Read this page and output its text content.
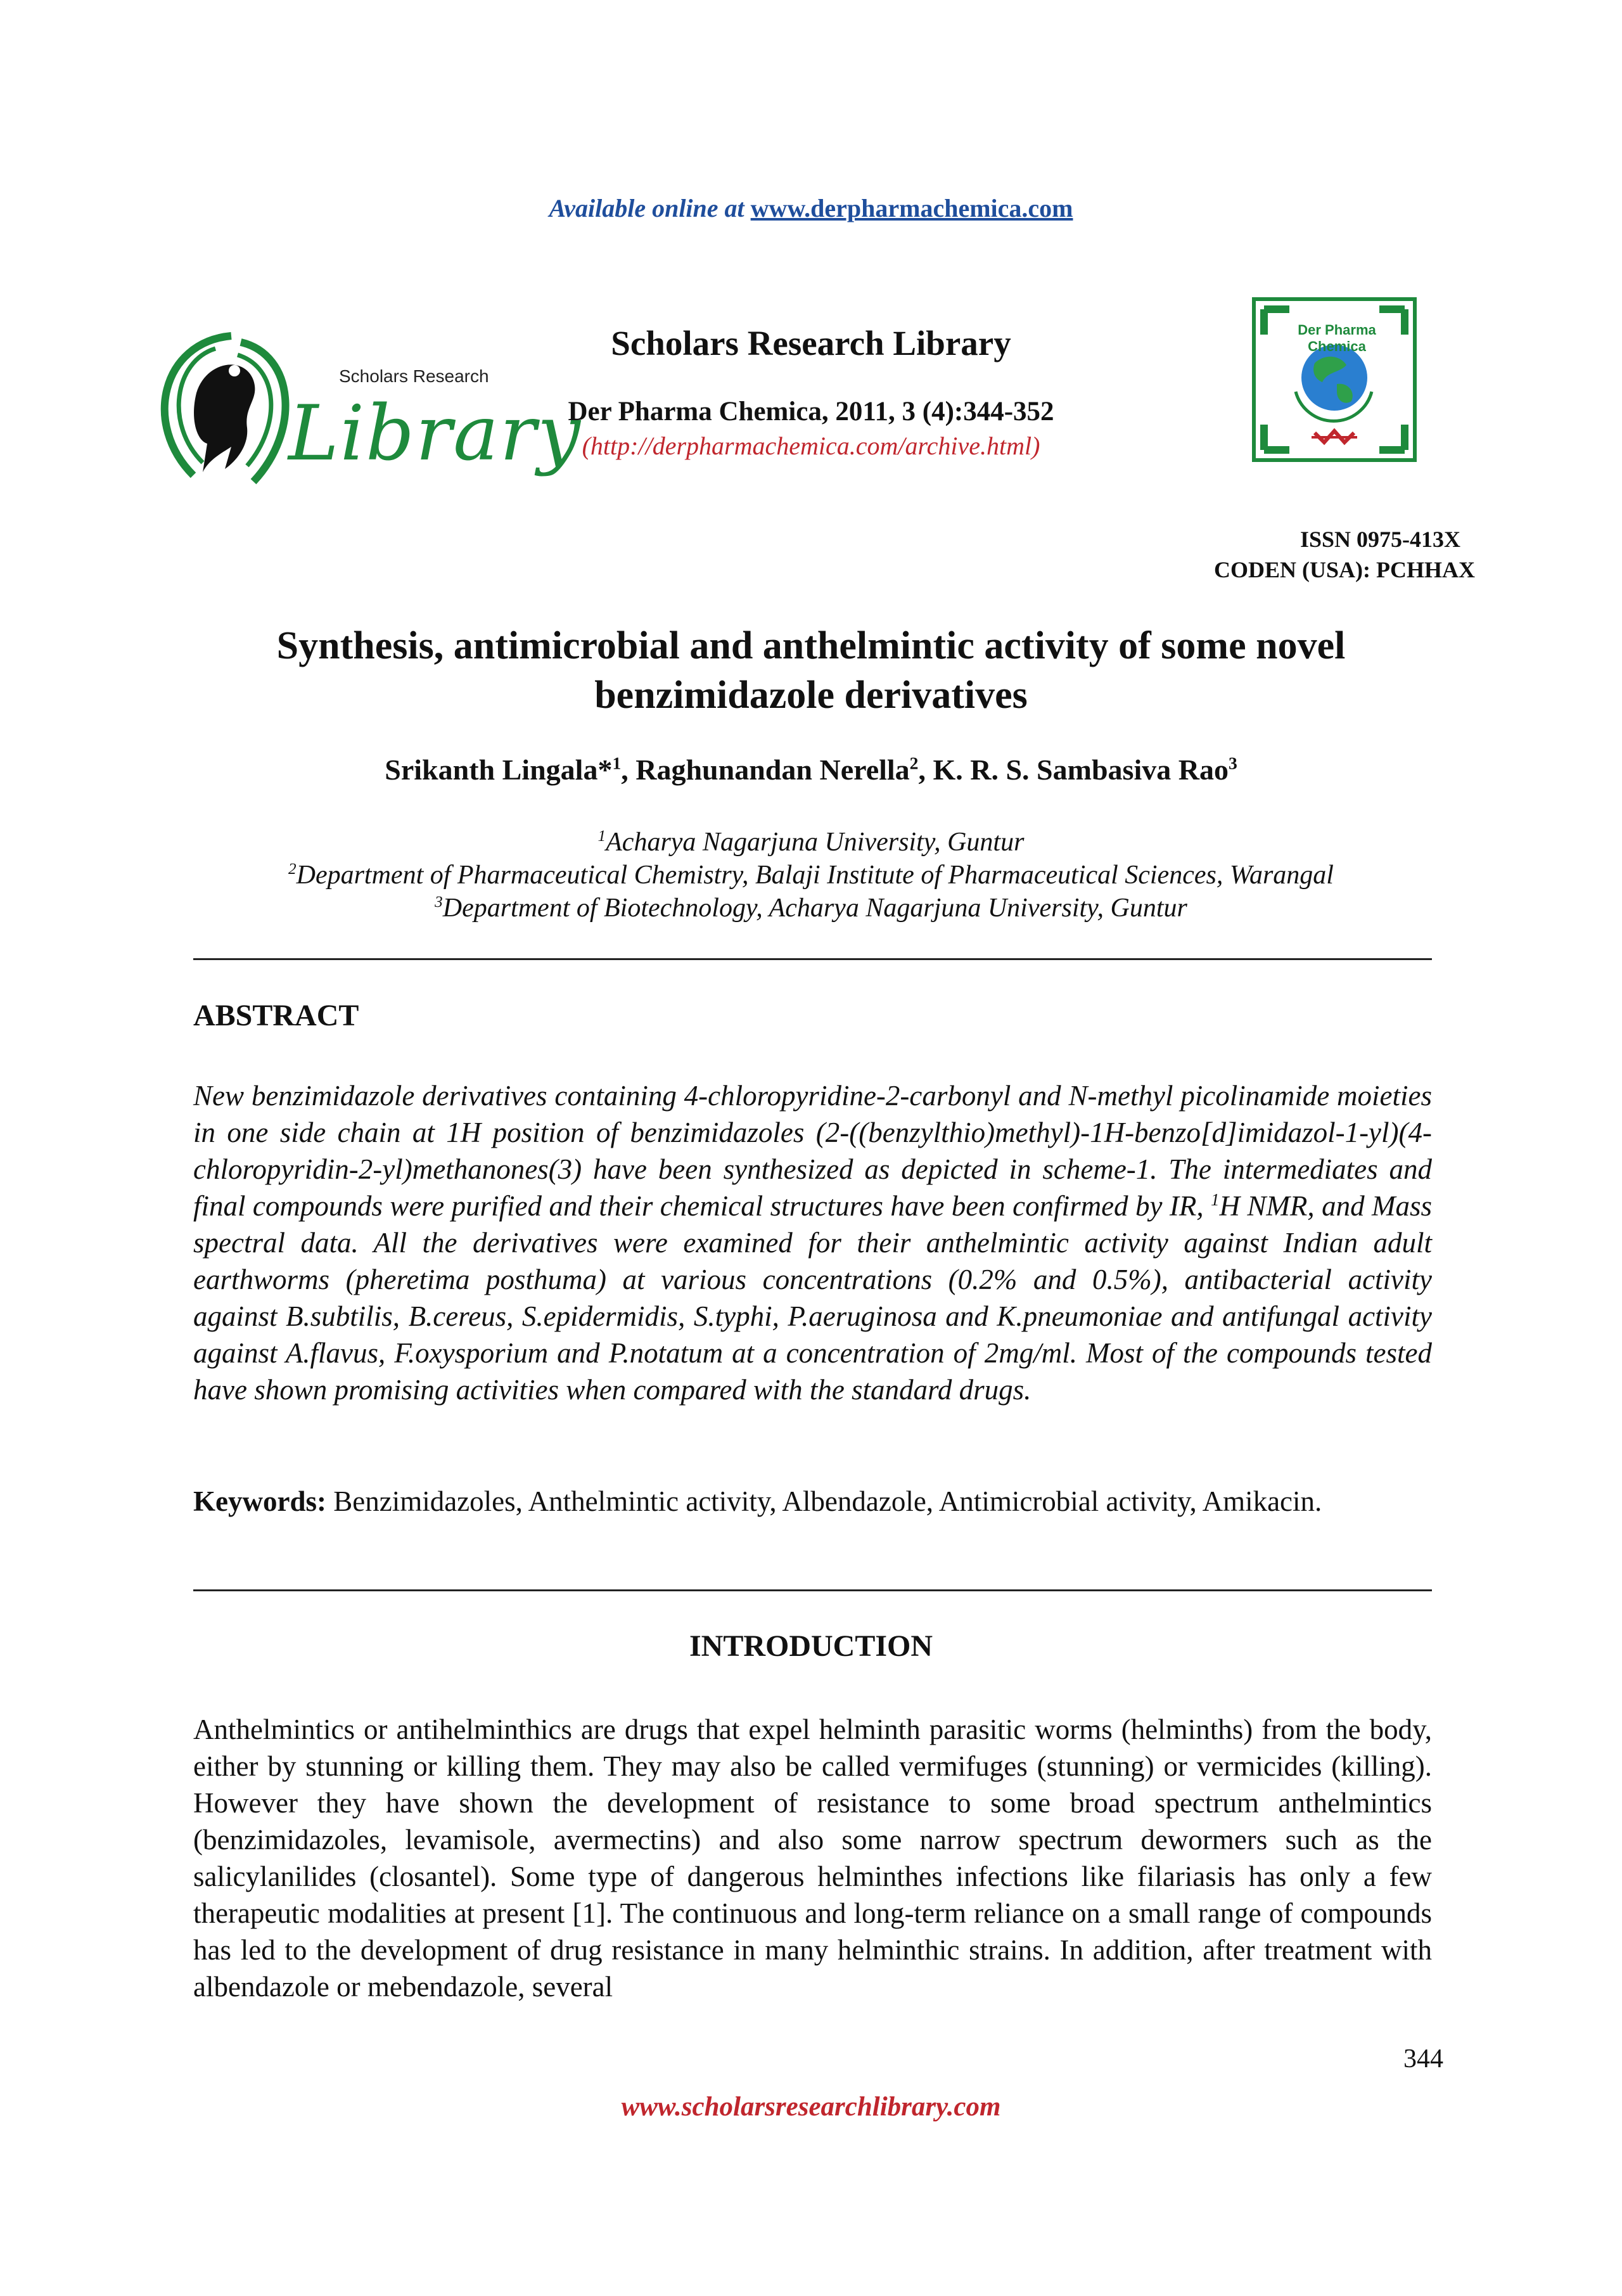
Available online at www.derpharmachemica.com
Scholars Research
Library
Scholars Research Library
Der Pharma Chemica, 2011, 3 (4):344-352
(http://derpharmachemica.com/archive.html)
Der Pharma Chemica
ISSN 0975-413X
CODEN (USA): PCHHAX
Synthesis, antimicrobial and anthelmintic activity of some novel
benzimidazole derivatives
Srikanth Lingala*$^1$, Raghunandan Nerella$^2$, K. R. S. Sambasiva Rao$^3$
$^1$Acharya Nagarjuna University, Guntur
$^2$Department of Pharmaceutical Chemistry, Balaji Institute of Pharmaceutical Sciences, Warangal
$^3$Department of Biotechnology, Acharya Nagarjuna University, Guntur
ABSTRACT
New benzimidazole derivatives containing 4-chloropyridine-2-carbonyl and N-methyl picolinamide moieties in one side chain at 1H position of benzimidazoles (2-((benzylthio)methyl)-1H-benzo[d]imidazol-1-yl)(4-chloropyridin-2-yl)methanones(3) have been synthesized as depicted in scheme-1. The intermediates and final compounds were purified and their chemical structures have been confirmed by IR, $^1$H NMR, and Mass spectral data. All the derivatives were examined for their anthelmintic activity against Indian adult earthworms (pheretima posthuma) at various concentrations (0.2% and 0.5%), antibacterial activity against B.subtilis, B.cereus, S.epidermidis, S.typhi, P.aeruginosa and K.pneumoniae and antifungal activity against A.flavus, F.oxysporium and P.notatum at a concentration of 2mg/ml. Most of the compounds tested have shown promising activities when compared with the standard drugs.
Keywords: Benzimidazoles, Anthelmintic activity, Albendazole, Antimicrobial activity, Amikacin.
INTRODUCTION
Anthelmintics or antihelminthics are drugs that expel helminth parasitic worms (helminths) from the body, either by stunning or killing them. They may also be called vermifuges (stunning) or vermicides (killing). However they have shown the development of resistance to some broad spectrum anthelmintics (benzimidazoles, levamisole, avermectins) and also some narrow spectrum dewormers such as the salicylanilides (closantel). Some type of dangerous helminthes infections like filariasis has only a few therapeutic modalities at present [1]. The continuous and long-term reliance on a small range of compounds has led to the development of drug resistance in many helminthic strains. In addition, after treatment with albendazole or mebendazole, several
344
www.scholarsresearchlibrary.com
